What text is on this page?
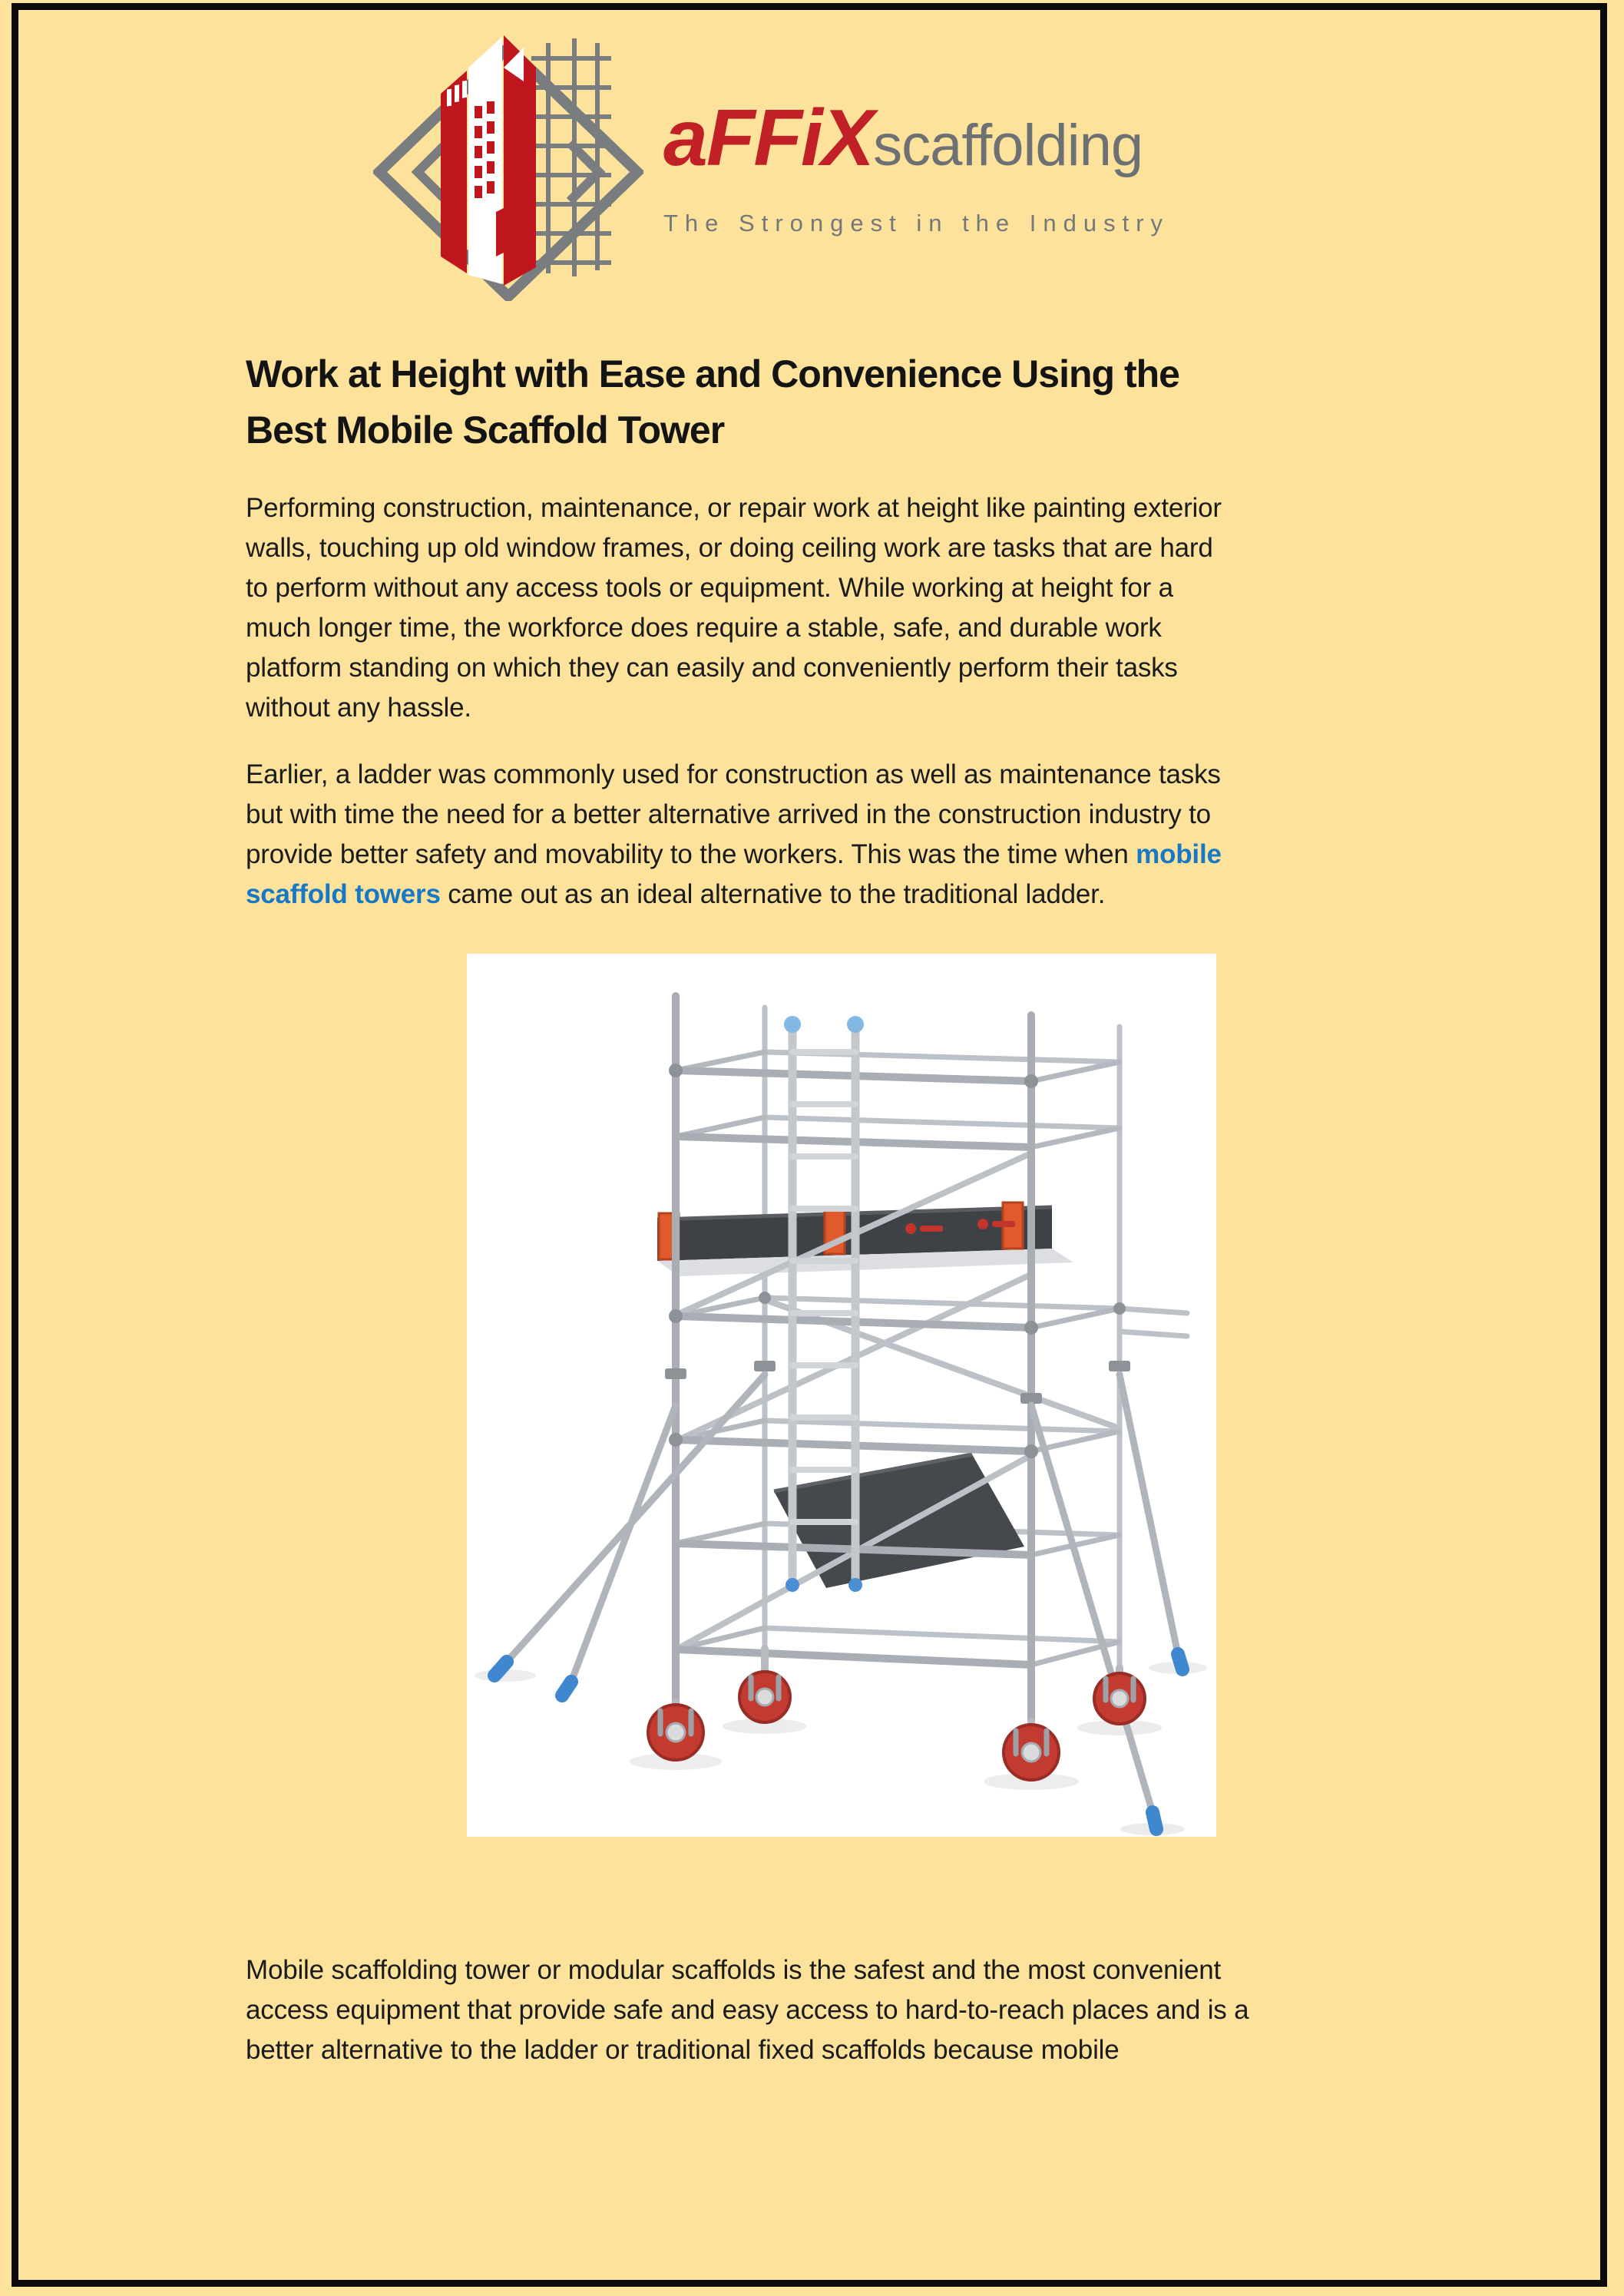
aFFiXscaffolding
The Strongest in the Industry
Work at Height with Ease and Convenience Using the
Best Mobile Scaffold Tower
Performing construction, maintenance, or repair work at height like painting exterior
walls, touching up old window frames, or doing ceiling work are tasks that are hard
to perform without any access tools or equipment. While working at height for a
much longer time, the workforce does require a stable, safe, and durable work
platform standing on which they can easily and conveniently perform their tasks
without any hassle.
Earlier, a ladder was commonly used for construction as well as maintenance tasks
but with time the need for a better alternative arrived in the construction industry to
provide better safety and movability to the workers. This was the time when mobile
scaffold towers came out as an ideal alternative to the traditional ladder.
Mobile scaffolding tower or modular scaffolds is the safest and the most convenient
access equipment that provide safe and easy access to hard-to-reach places and is a
better alternative to the ladder or traditional fixed scaffolds because mobile
